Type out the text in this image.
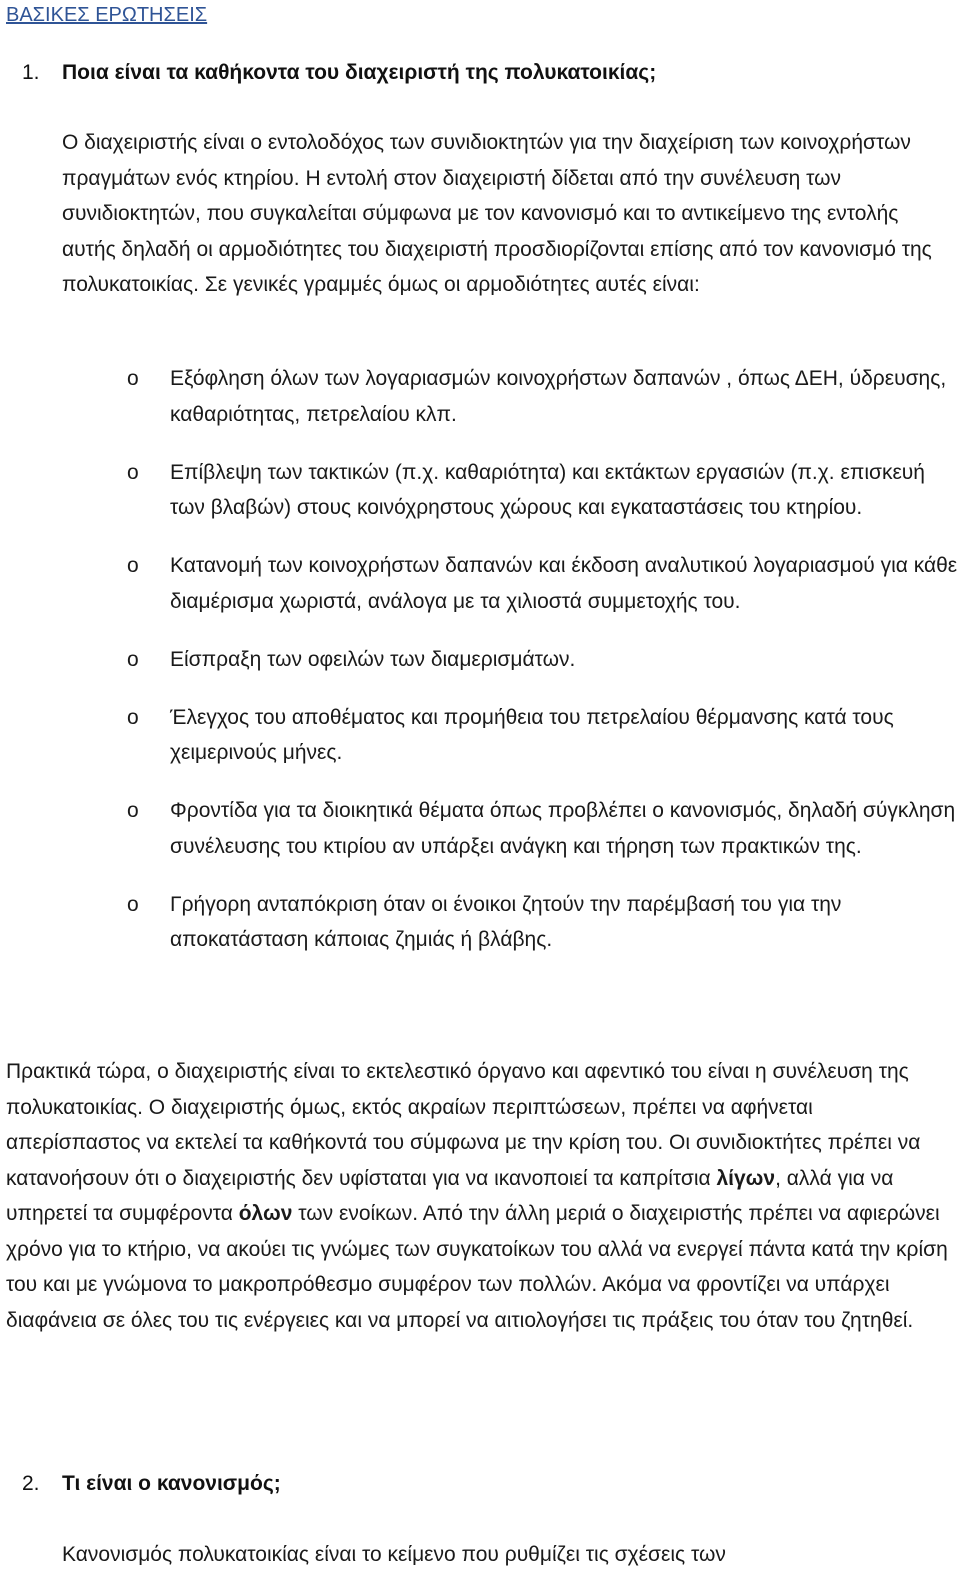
ΒΑΣΙΚΕΣ ΕΡΩΤΗΣΕΙΣ
1. Ποια είναι τα καθήκοντα του διαχειριστή της πολυκατοικίας;

Ο διαχειριστής είναι ο εντολοδόχος των συνιδιοκτητών για την διαχείριση των κοινοχρήστων πραγμάτων ενός κτηρίου. Η εντολή στον διαχειριστή δίδεται από την συνέλευση των συνιδιοκτητών, που συγκαλείται σύμφωνα με τον κανονισμό και το αντικείμενο της εντολής αυτής δηλαδή οι αρμοδιότητες του διαχειριστή προσδιορίζονται επίσης από τον κανονισμό της πολυκατοικίας. Σε γενικές γραμμές όμως οι αρμοδιότητες αυτές είναι:

o Εξόφληση όλων των λογαριασμών κοινοχρήστων δαπανών , όπως ΔΕΗ, ύδρευσης, καθαριότητας, πετρελαίου κλπ.
o Επίβλεψη των τακτικών (π.χ. καθαριότητα) και εκτάκτων εργασιών (π.χ. επισκευή των βλαβών) στους κοινόχρηστους χώρους και εγκαταστάσεις του κτηρίου.
o Κατανομή των κοινοχρήστων δαπανών και έκδοση αναλυτικού λογαριασμού για κάθε διαμέρισμα χωριστά, ανάλογα με τα χιλιοστά συμμετοχής του.
o Είσπραξη των οφειλών των διαμερισμάτων.
o Έλεγχος του αποθέματος και προμήθεια του πετρελαίου θέρμανσης κατά τους χειμερινούς μήνες.
o Φροντίδα για τα διοικητικά θέματα όπως προβλέπει ο κανονισμός, δηλαδή σύγκληση συνέλευσης του κτιρίου αν υπάρξει ανάγκη και τήρηση των πρακτικών της.
o Γρήγορη ανταπόκριση όταν οι ένοικοι ζητούν την παρέμβασή του για την αποκατάσταση κάποιας ζημιάς ή βλάβης.

Πρακτικά τώρα, ο διαχειριστής είναι το εκτελεστικό όργανο και αφεντικό του είναι η συνέλευση της πολυκατοικίας. Ο διαχειριστής όμως, εκτός ακραίων περιπτώσεων, πρέπει να αφήνεται απερίσπαστος να εκτελεί τα καθήκοντά του σύμφωνα με την κρίση του. Οι συνιδιοκτήτες πρέπει να κατανοήσουν ότι ο διαχειριστής δεν υφίσταται για να ικανοποιεί τα καπρίτσια λίγων, αλλά για να υπηρετεί τα συμφέροντα όλων των ενοίκων. Από την άλλη μεριά ο διαχειριστής πρέπει να αφιερώνει χρόνο για το κτήριο, να ακούει τις γνώμες των συγκατοίκων του αλλά να ενεργεί πάντα κατά την κρίση του και με γνώμονα το μακροπρόθεσμο συμφέρον των πολλών. Ακόμα να φροντίζει να υπάρχει διαφάνεια σε όλες του τις ενέργειες και να μπορεί να αιτιολογήσει τις πράξεις του όταν του ζητηθεί.

2. Τι είναι ο κανονισμός;

Κανονισμός πολυκατοικίας είναι το κείμενο που ρυθμίζει τις σχέσεις των
